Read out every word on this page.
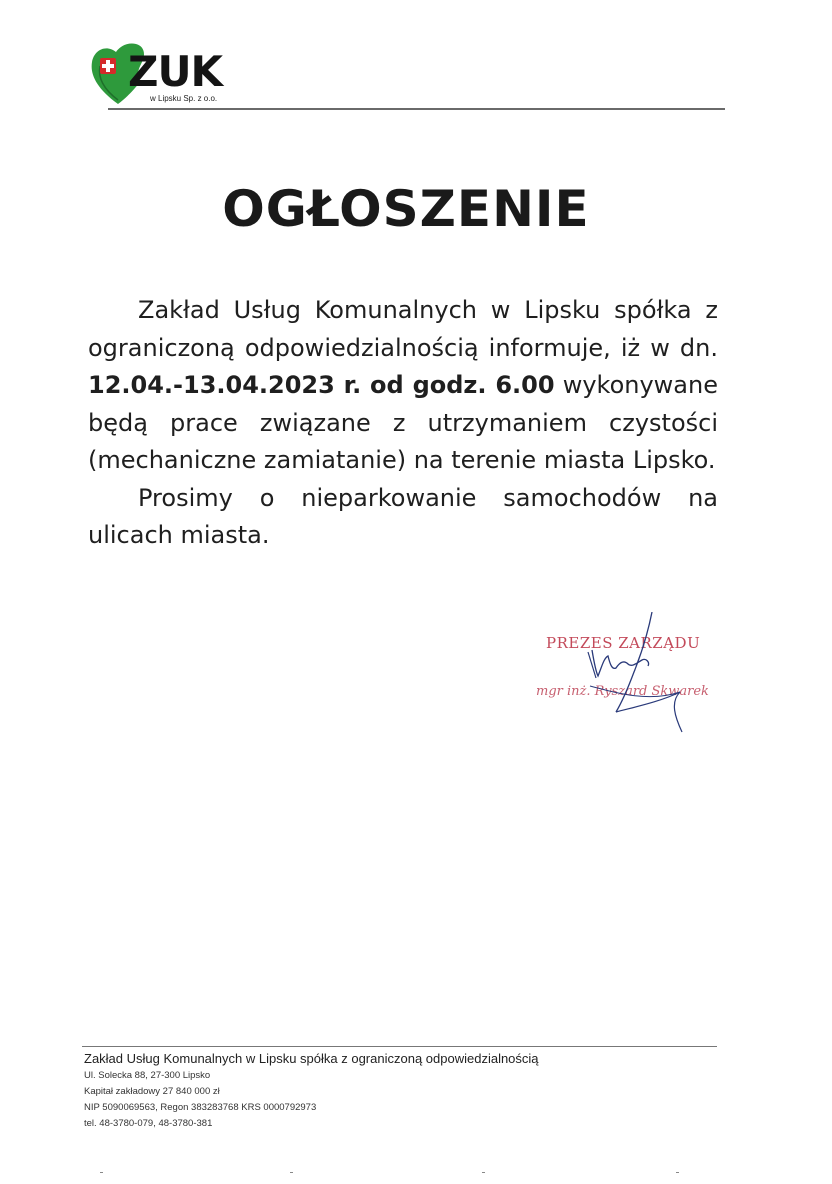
ZUK
w Lipsku Sp. z o.o.
OGŁOSZENIE

Zakład Usług Komunalnych w Lipsku spółka z ograniczoną odpowiedzialnością informuje, iż w dn. 12.04.-13.04.2023 r. od godz. 6.00 wykonywane będą prace związane z utrzymaniem czystości (mechaniczne zamiatanie) na terenie miasta Lipsko.

Prosimy o nieparkowanie samochodów na ulicach miasta.

PREZES ZARZĄDU
mgr inż. Ryszard Skwarek
Zakład Usług Komunalnych w Lipsku spółka z ograniczoną odpowiedzialnością
Ul. Solecka 88, 27-300 Lipsko
Kapitał zakładowy 27 840 000 zł
NIP 5090069563, Regon 383283768 KRS 0000792973
tel. 48-3780-079, 48-3780-381
